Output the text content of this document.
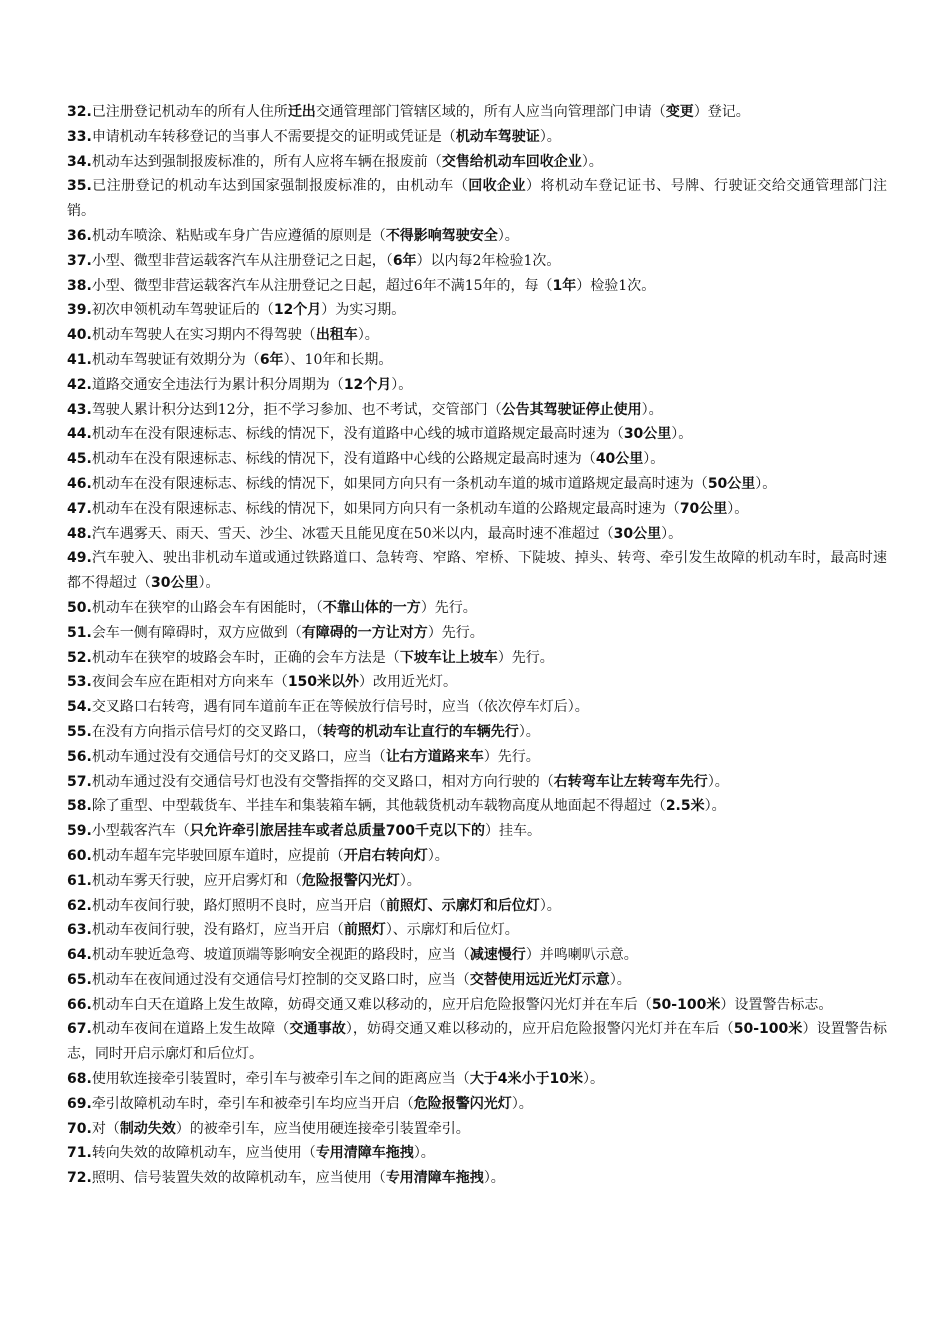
32.已注册登记机动车的所有人住所迁出交通管理部门管辖区域的，所有人应当向管理部门申请（变更）登记。

33.申请机动车转移登记的当事人不需要提交的证明或凭证是（机动车驾驶证）。

34.机动车达到强制报废标准的，所有人应将车辆在报废前（交售给机动车回收企业）。

35.已注册登记的机动车达到国家强制报废标准的，由机动车（回收企业）将机动车登记证书、号牌、行驶证交给交通管理部门注销。

36.机动车喷涂、粘贴或车身广告应遵循的原则是（不得影响驾驶安全）。

37.小型、微型非营运载客汽车从注册登记之日起，（6年）以内每2年检验1次。

38.小型、微型非营运载客汽车从注册登记之日起，超过6年不满15年的，每（1年）检验1次。

39.初次申领机动车驾驶证后的（12个月）为实习期。

40.机动车驾驶人在实习期内不得驾驶（出租车）。

41.机动车驾驶证有效期分为（6年）、10年和长期。

42.道路交通安全违法行为累计积分周期为（12个月）。

43.驾驶人累计积分达到12分，拒不学习参加、也不考试，交管部门（公告其驾驶证停止使用）。

44.机动车在没有限速标志、标线的情况下，没有道路中心线的城市道路规定最高时速为（30公里）。

45.机动车在没有限速标志、标线的情况下，没有道路中心线的公路规定最高时速为（40公里）。

46.机动车在没有限速标志、标线的情况下，如果同方向只有一条机动车道的城市道路规定最高时速为（50公里）。

47.机动车在没有限速标志、标线的情况下，如果同方向只有一条机动车道的公路规定最高时速为（70公里）。

48.汽车遇雾天、雨天、雪天、沙尘、冰雹天且能见度在50米以内，最高时速不准超过（30公里）。

49.汽车驶入、驶出非机动车道或通过铁路道口、急转弯、窄路、窄桥、下陡坡、掉头、转弯、牵引发生故障的机动车时，最高时速都不得超过（30公里）。

50.机动车在狭窄的山路会车有困能时，（不靠山体的一方）先行。

51.会车一侧有障碍时，双方应做到（有障碍的一方让对方）先行。

52.机动车在狭窄的坡路会车时，正确的会车方法是（下坡车让上坡车）先行。

53.夜间会车应在距相对方向来车（150米以外）改用近光灯。

54.交叉路口右转弯，遇有同车道前车正在等候放行信号时，应当（依次停车灯后）。

55.在没有方向指示信号灯的交叉路口，（转弯的机动车让直行的车辆先行）。

56.机动车通过没有交通信号灯的交叉路口，应当（让右方道路来车）先行。

57.机动车通过没有交通信号灯也没有交警指挥的交叉路口，相对方向行驶的（右转弯车让左转弯车先行）。

58.除了重型、中型载货车、半挂车和集装箱车辆，其他载货机动车载物高度从地面起不得超过（2.5米）。

59.小型载客汽车（只允许牵引旅居挂车或者总质量700千克以下的）挂车。

60.机动车超车完毕驶回原车道时，应提前（开启右转向灯）。

61.机动车雾天行驶，应开启雾灯和（危险报警闪光灯）。

62.机动车夜间行驶，路灯照明不良时，应当开启（前照灯、示廓灯和后位灯）。

63.机动车夜间行驶，没有路灯，应当开启（前照灯）、示廓灯和后位灯。

64.机动车驶近急弯、坡道顶端等影响安全视距的路段时，应当（减速慢行）并鸣喇叭示意。

65.机动车在夜间通过没有交通信号灯控制的交叉路口时，应当（交替使用远近光灯示意）。

66.机动车白天在道路上发生故障，妨碍交通又难以移动的，应开启危险报警闪光灯并在车后（50-100米）设置警告标志。

67.机动车夜间在道路上发生故障（交通事故），妨碍交通又难以移动的，应开启危险报警闪光灯并在车后（50-100米）设置警告标志，同时开启示廓灯和后位灯。

68.使用软连接牵引装置时，牵引车与被牵引车之间的距离应当（大于4米小于10米）。

69.牵引故障机动车时，牵引车和被牵引车均应当开启（危险报警闪光灯）。

70.对（制动失效）的被牵引车，应当使用硬连接牵引装置牵引。

71.转向失效的故障机动车，应当使用（专用清障车拖拽）。

72.照明、信号装置失效的故障机动车，应当使用（专用清障车拖拽）。
